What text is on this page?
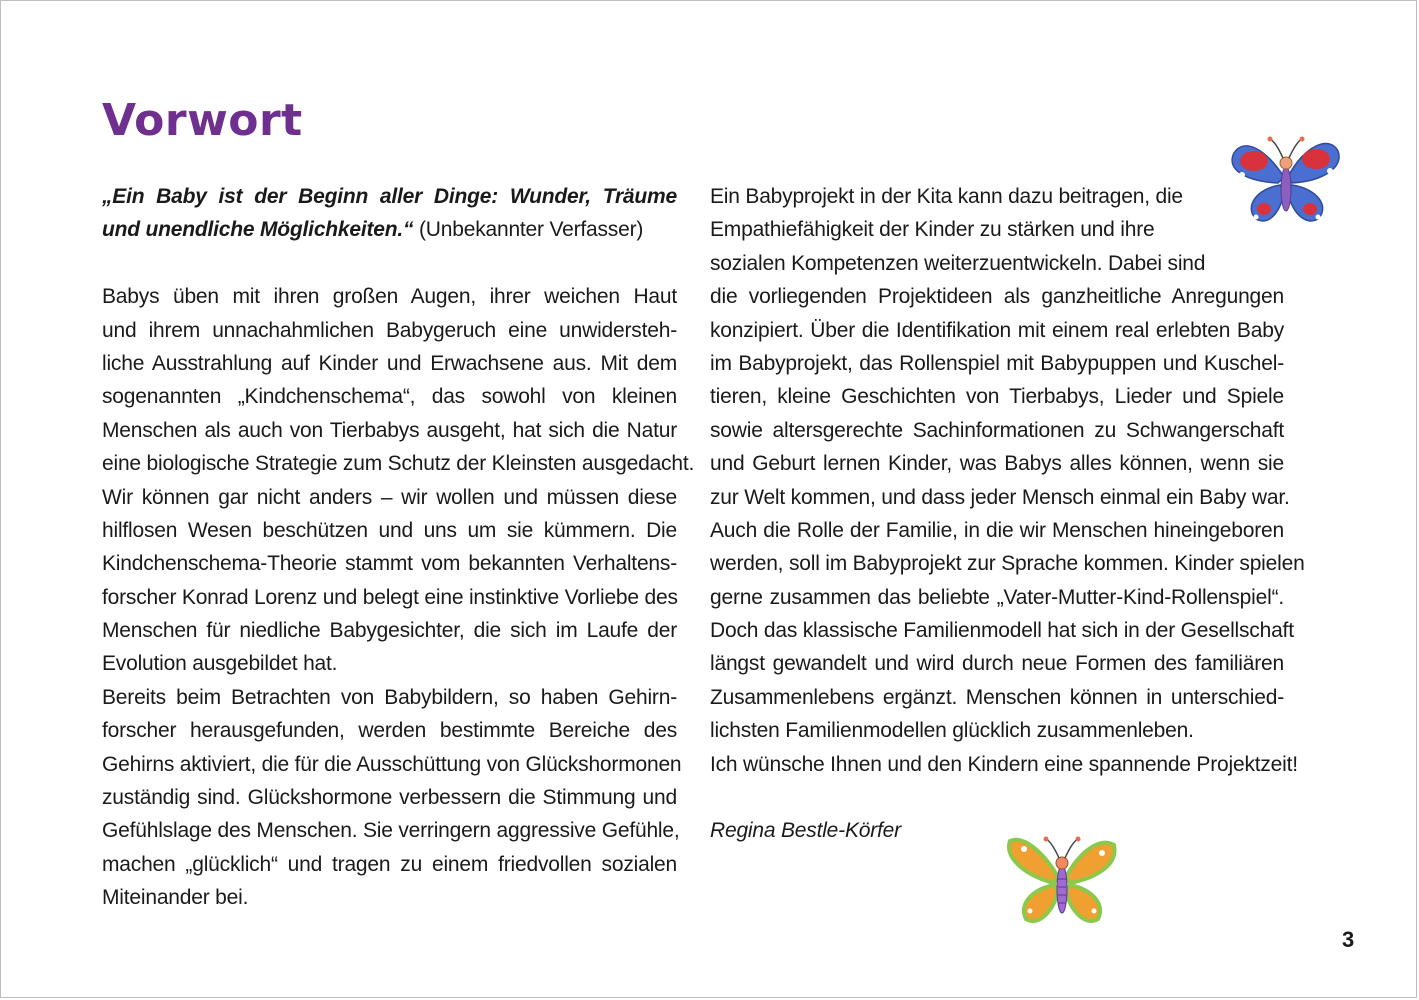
Vorwort
„Ein Baby ist der Beginn aller Dinge: Wunder, Träume
und unendliche Möglichkeiten.“ (Unbekannter Verfasser)
Babys üben mit ihren großen Augen, ihrer weichen Haut
und ihrem unnachahmlichen Babygeruch eine unwidersteh-
liche Ausstrahlung auf Kinder und Erwachsene aus. Mit dem
sogenannten „Kindchenschema“, das sowohl von kleinen
Menschen als auch von Tierbabys ausgeht, hat sich die Natur
eine biologische Strategie zum Schutz der Kleinsten ausgedacht.
Wir können gar nicht anders – wir wollen und müssen diese
hilflosen Wesen beschützen und uns um sie kümmern. Die
Kindchenschema-Theorie stammt vom bekannten Verhaltens-
forscher Konrad Lorenz und belegt eine instinktive Vorliebe des
Menschen für niedliche Babygesichter, die sich im Laufe der
Evolution ausgebildet hat.
Bereits beim Betrachten von Babybildern, so haben Gehirn-
forscher herausgefunden, werden bestimmte Bereiche des
Gehirns aktiviert, die für die Ausschüttung von Glückshormonen
zuständig sind. Glückshormone verbessern die Stimmung und
Gefühlslage des Menschen. Sie verringern aggressive Gefühle,
machen „glücklich“ und tragen zu einem friedvollen sozialen
Miteinander bei.
Ein Babyprojekt in der Kita kann dazu beitragen, die
Empathiefähigkeit der Kinder zu stärken und ihre
sozialen Kompetenzen weiterzuentwickeln. Dabei sind
die vorliegenden Projektideen als ganzheitliche Anregungen
konzipiert. Über die Identifikation mit einem real erlebten Baby
im Babyprojekt, das Rollenspiel mit Babypuppen und Kuschel-
tieren, kleine Geschichten von Tierbabys, Lieder und Spiele
sowie altersgerechte Sachinformationen zu Schwangerschaft
und Geburt lernen Kinder, was Babys alles können, wenn sie
zur Welt kommen, und dass jeder Mensch einmal ein Baby war.
Auch die Rolle der Familie, in die wir Menschen hineingeboren
werden, soll im Babyprojekt zur Sprache kommen. Kinder spielen
gerne zusammen das beliebte „Vater-Mutter-Kind-Rollenspiel“.
Doch das klassische Familienmodell hat sich in der Gesellschaft
längst gewandelt und wird durch neue Formen des familiären
Zusammenlebens ergänzt. Menschen können in unterschied-
lichsten Familienmodellen glücklich zusammenleben.
Ich wünsche Ihnen und den Kindern eine spannende Projektzeit!
Regina Bestle-Körfer
3
